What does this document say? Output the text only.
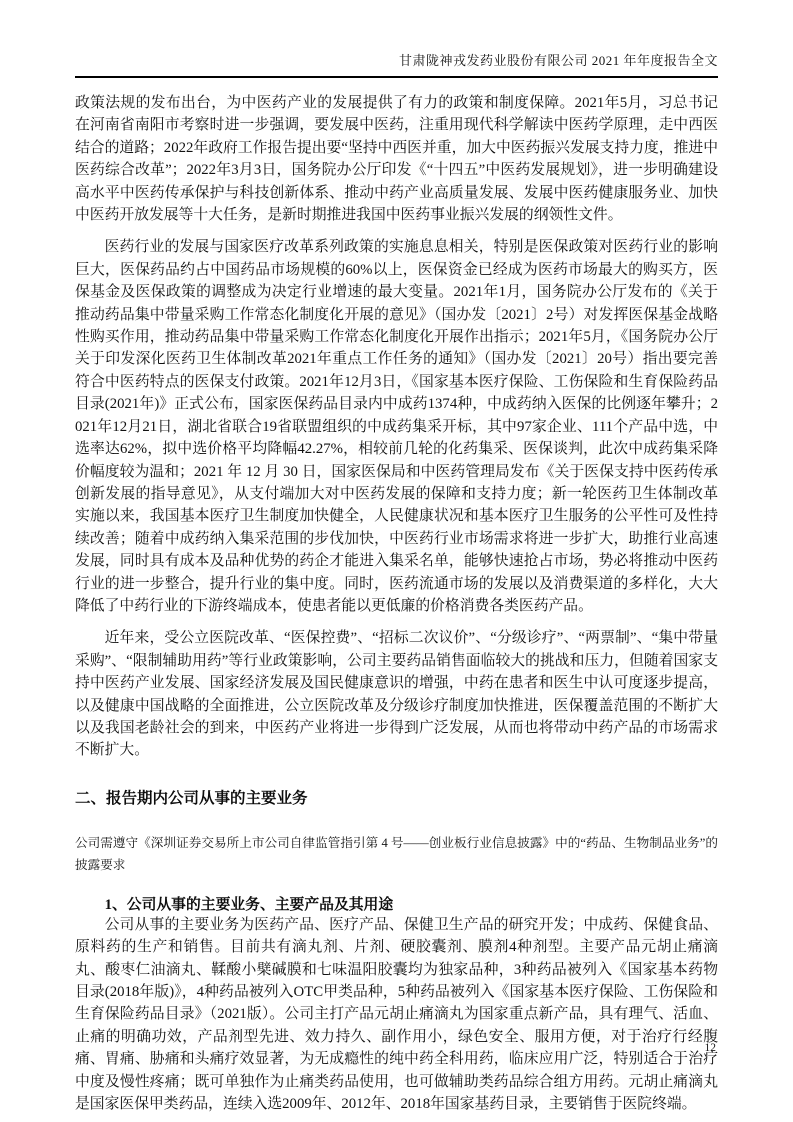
甘肃陇神戎发药业股份有限公司 2021 年年度报告全文

政策法规的发布出台，为中医药产业的发展提供了有力的政策和制度保障。2021年5月，习总书记在河南省南阳市考察时进一步强调，要发展中医药，注重用现代科学解读中医药学原理，走中西医结合的道路；2022年政府工作报告提出要“坚持中西医并重，加大中医药振兴发展支持力度，推进中医药综合改革”；2022年3月3日，国务院办公厅印发《“十四五”中医药发展规划》，进一步明确建设高水平中医药传承保护与科技创新体系、推动中药产业高质量发展、发展中医药健康服务业、加快中医药开放发展等十大任务，是新时期推进我国中医药事业振兴发展的纲领性文件。

医药行业的发展与国家医疗改革系列政策的实施息息相关，特别是医保政策对医药行业的影响巨大，医保药品约占中国药品市场规模的60%以上，医保资金已经成为医药市场最大的购买方，医保基金及医保政策的调整成为决定行业增速的最大变量。2021年1月，国务院办公厅发布的《关于推动药品集中带量采购工作常态化制度化开展的意见》（国办发〔2021〕2号）对发挥医保基金战略性购买作用，推动药品集中带量采购工作常态化制度化开展作出指示；2021年5月，《国务院办公厅关于印发深化医药卫生体制改革2021年重点工作任务的通知》（国办发〔2021〕20号）指出要完善符合中医药特点的医保支付政策。2021年12月3日，《国家基本医疗保险、工伤保险和生育保险药品目录(2021年)》正式公布，国家医保药品目录内中成药1374种，中成药纳入医保的比例逐年攀升；2021年12月21日，湖北省联合19省联盟组织的中成药集采开标，其中97家企业、111个产品中选，中选率达62%，拟中选价格平均降幅42.27%，相较前几轮的化药集采、医保谈判，此次中成药集采降价幅度较为温和；2021 年 12 月 30 日，国家医保局和中医药管理局发布《关于医保支持中医药传承创新发展的指导意见》，从支付端加大对中医药发展的保障和支持力度；新一轮医药卫生体制改革实施以来，我国基本医疗卫生制度加快健全，人民健康状况和基本医疗卫生服务的公平性可及性持续改善；随着中成药纳入集采范围的步伐加快，中医药行业市场需求将进一步扩大，助推行业高速发展，同时具有成本及品种优势的药企才能进入集采名单，能够快速抢占市场，势必将推动中医药行业的进一步整合，提升行业的集中度。同时，医药流通市场的发展以及消费渠道的多样化，大大降低了中药行业的下游终端成本，使患者能以更低廉的价格消费各类医药产品。

近年来，受公立医院改革、“医保控费”、“招标二次议价”、“分级诊疗”、“两票制”、“集中带量采购”、“限制辅助用药”等行业政策影响，公司主要药品销售面临较大的挑战和压力，但随着国家支持中医药产业发展、国家经济发展及国民健康意识的增强，中药在患者和医生中认可度逐步提高，以及健康中国战略的全面推进，公立医院改革及分级诊疗制度加快推进，医保覆盖范围的不断扩大以及我国老龄社会的到来，中医药产业将进一步得到广泛发展，从而也将带动中药产品的市场需求不断扩大。

二、报告期内公司从事的主要业务

公司需遵守《深圳证券交易所上市公司自律监管指引第 4 号——创业板行业信息披露》中的“药品、生物制品业务”的披露要求

1、公司从事的主要业务、主要产品及其用途

公司从事的主要业务为医药产品、医疗产品、保健卫生产品的研究开发；中成药、保健食品、原料药的生产和销售。目前共有滴丸剂、片剂、硬胶囊剂、膜剂4种剂型。主要产品元胡止痛滴丸、酸枣仁油滴丸、鞣酸小檗碱膜和七味温阳胶囊均为独家品种，3种药品被列入《国家基本药物目录(2018年版)》，4种药品被列入OTC甲类品种，5种药品被列入《国家基本医疗保险、工伤保险和生育保险药品目录》（2021版）。公司主打产品元胡止痛滴丸为国家重点新产品，具有理气、活血、止痛的明确功效，产品剂型先进、效力持久、副作用小，绿色安全、服用方便，对于治疗行经腹痛、胃痛、胁痛和头痛疗效显著，为无成瘾性的纯中药全科用药，临床应用广泛，特别适合于治疗中度及慢性疼痛；既可单独作为止痛类药品使用，也可做辅助类药品综合组方用药。元胡止痛滴丸是国家医保甲类药品，连续入选2009年、2012年、2018年国家基药目录，主要销售于医院终端。

12
